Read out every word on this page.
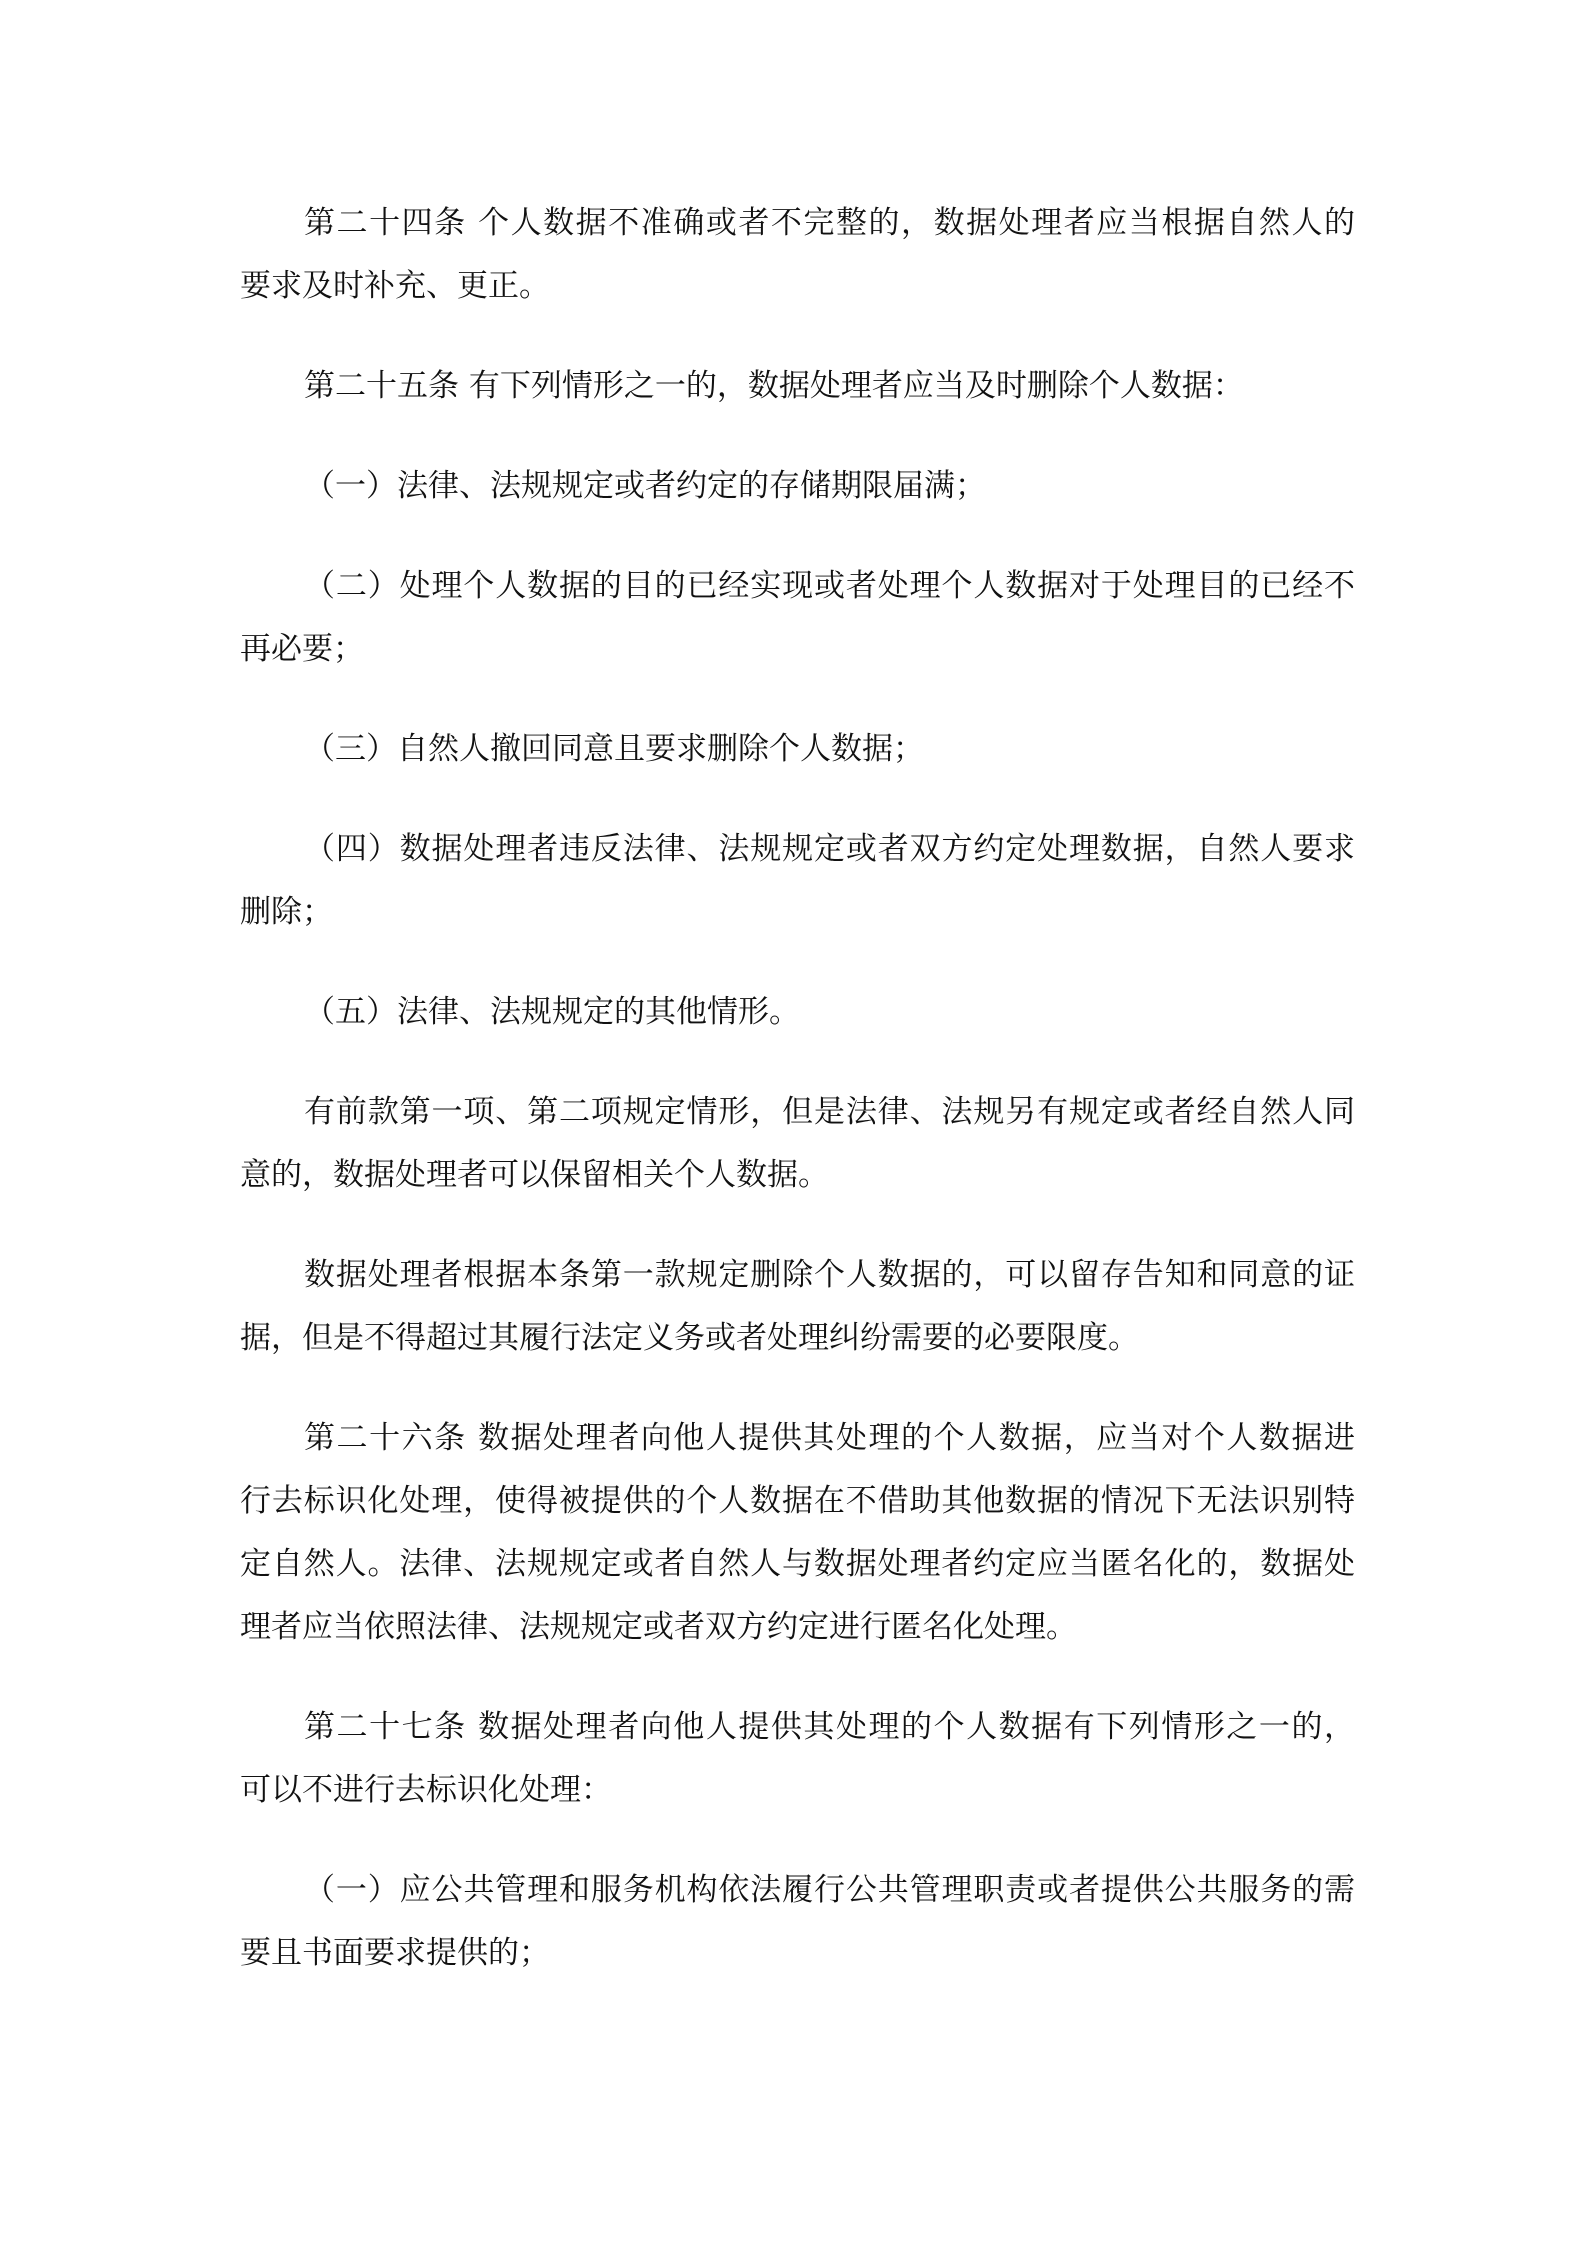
第二十四条 个人数据不准确或者不完整的，数据处理者应当根据自然人的
要求及时补充、更正。
第二十五条 有下列情形之一的，数据处理者应当及时删除个人数据：
（一）法律、法规规定或者约定的存储期限届满；
（二）处理个人数据的目的已经实现或者处理个人数据对于处理目的已经不
再必要；
（三）自然人撤回同意且要求删除个人数据；
（四）数据处理者违反法律、法规规定或者双方约定处理数据，自然人要求
删除；
（五）法律、法规规定的其他情形。
有前款第一项、第二项规定情形，但是法律、法规另有规定或者经自然人同
意的，数据处理者可以保留相关个人数据。
数据处理者根据本条第一款规定删除个人数据的，可以留存告知和同意的证
据，但是不得超过其履行法定义务或者处理纠纷需要的必要限度。
第二十六条 数据处理者向他人提供其处理的个人数据，应当对个人数据进
行去标识化处理，使得被提供的个人数据在不借助其他数据的情况下无法识别特
定自然人。法律、法规规定或者自然人与数据处理者约定应当匿名化的，数据处
理者应当依照法律、法规规定或者双方约定进行匿名化处理。
第二十七条 数据处理者向他人提供其处理的个人数据有下列情形之一的，
可以不进行去标识化处理：
（一）应公共管理和服务机构依法履行公共管理职责或者提供公共服务的需
要且书面要求提供的；
